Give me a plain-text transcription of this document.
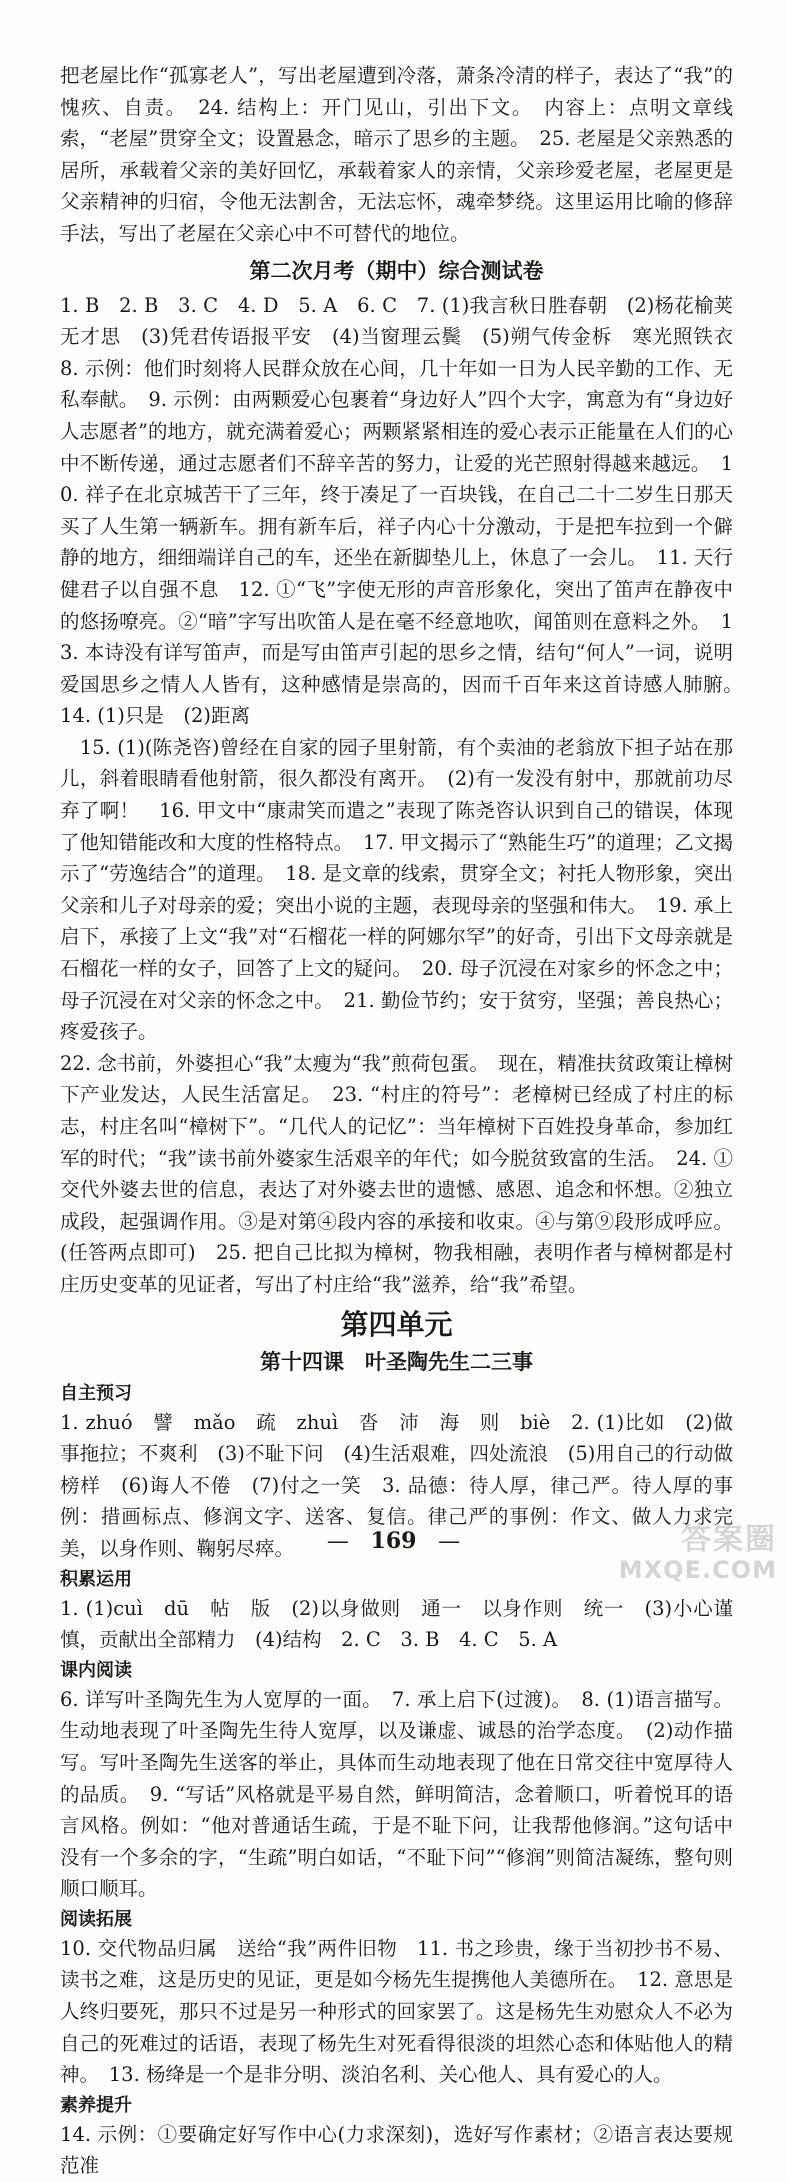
把老屋比作“孤寡老人”，写出老屋遭到冷落，萧条冷清的样子，表达了“我”的愧疚、自责。　24. 结构上：开门见山，引出下文。　内容上：点明文章线索，“老屋”贯穿全文；设置悬念，暗示了思乡的主题。　25. 老屋是父亲熟悉的居所，承载着父亲的美好回忆，承载着家人的亲情，父亲珍爱老屋，老屋更是父亲精神的归宿，令他无法割舍，无法忘怀，魂牵梦绕。这里运用比喻的修辞手法，写出了老屋在父亲心中不可替代的地位。

第二次月考（期中）综合测试卷

1. B　2. B　3. C　4. D　5. A　6. C　7. (1)我言秋日胜春朝　(2)杨花榆荚无才思　(3)凭君传语报平安　(4)当窗理云鬓　(5)朔气传金柝　寒光照铁衣　8. 示例：他们时刻将人民群众放在心间，几十年如一日为人民辛勤的工作、无私奉献。　9. 示例：由两颗爱心包裹着“身边好人”四个大字，寓意为有“身边好人志愿者”的地方，就充满着爱心；两颗紧紧相连的爱心表示正能量在人们的心中不断传递，通过志愿者们不辞辛苦的努力，让爱的光芒照射得越来越远。　10. 祥子在北京城苦干了三年，终于凑足了一百块钱，在自己二十二岁生日那天买了人生第一辆新车。拥有新车后，祥子内心十分激动，于是把车拉到一个僻静的地方，细细端详自己的车，还坐在新脚垫儿上，休息了一会儿。　11. 天行健君子以自强不息　12. ①“飞”字使无形的声音形象化，突出了笛声在静夜中的悠扬嘹亮。②“暗”字写出吹笛人是在毫不经意地吹，闻笛则在意料之外。　13. 本诗没有详写笛声，而是写由笛声引起的思乡之情，结句“何人”一词，说明爱国思乡之情人人皆有，这种感情是崇高的，因而千百年来这首诗感人肺腑。　14. (1)只是　(2)距离

　15. (1)(陈尧咨)曾经在自家的园子里射箭，有个卖油的老翁放下担子站在那儿，斜着眼睛看他射箭，很久都没有离开。　(2)有一发没有射中，那就前功尽弃了啊！　16. 甲文中“康肃笑而遣之”表现了陈尧咨认识到自己的错误，体现了他知错能改和大度的性格特点。　17. 甲文揭示了“熟能生巧”的道理；乙文揭示了“劳逸结合”的道理。　18. 是文章的线索，贯穿全文；衬托人物形象，突出父亲和儿子对母亲的爱；突出小说的主题，表现母亲的坚强和伟大。　19. 承上启下，承接了上文“我”对“石榴花一样的阿娜尔罕”的好奇，引出下文母亲就是石榴花一样的女子，回答了上文的疑问。　20. 母子沉浸在对家乡的怀念之中；母子沉浸在对父亲的怀念之中。　21. 勤俭节约；安于贫穷，坚强；善良热心；疼爱孩子。

22. 念书前，外婆担心“我”太瘦为“我”煎荷包蛋。　现在，精准扶贫政策让樟树下产业发达，人民生活富足。　23. “村庄的符号”：老樟树已经成了村庄的标志，村庄名叫“樟树下”。“几代人的记忆”：当年樟树下百姓投身革命，参加红军的时代；“我”读书前外婆家生活艰辛的年代；如今脱贫致富的生活。　24. ①交代外婆去世的信息，表达了对外婆去世的遗憾、感恩、追念和怀想。②独立成段，起强调作用。③是对第④段内容的承接和收束。④与第⑨段形成呼应。(任答两点即可)　25. 把自己比拟为樟树，物我相融，表明作者与樟树都是村庄历史变革的见证者，写出了村庄给“我”滋养，给“我”希望。

第四单元
第十四课　叶圣陶先生二三事
自主预习

1. zhuó　譬　mǎo　疏　zhuì　沓　沛　海　则　biè　2. (1)比如　(2)做事拖拉；不爽利　(3)不耻下问　(4)生活艰难，四处流浪　(5)用自己的行动做榜样　(6)诲人不倦　(7)付之一笑　3. 品德：待人厚，律己严。待人厚的事例：措画标点、修润文字、送客、复信。律己严的事例：作文、做人力求完美，以身作则、鞠躬尽瘁。

积累运用

1. (1)cuì　dū　帖　版　(2)以身做则　通一　以身作则　统一　(3)小心谨慎，贡献出全部精力　(4)结构　2. C　3. B　4. C　5. A

课内阅读

6. 详写叶圣陶先生为人宽厚的一面。　7. 承上启下(过渡)。　8. (1)语言描写。生动地表现了叶圣陶先生待人宽厚，以及谦虚、诚恳的治学态度。　(2)动作描写。写叶圣陶先生送客的举止，具体而生动地表现了他在日常交往中宽厚待人的品质。　9. “写话”风格就是平易自然，鲜明简洁，念着顺口，听着悦耳的语言风格。例如：“他对普通话生疏，于是不耻下问，让我帮他修润。”这句话中没有一个多余的字，“生疏”明白如话，“不耻下问”“修润”则简洁凝练，整句则顺口顺耳。

阅读拓展

10. 交代物品归属　送给“我”两件旧物　11. 书之珍贵，缘于当初抄书不易、读书之难，这是历史的见证，更是如今杨先生提携他人美德所在。　12. 意思是人终归要死，那只不过是另一种形式的回家罢了。这是杨先生劝慰众人不必为自己的死难过的话语，表现了杨先生对死看得很淡的坦然心态和体贴他人的精神。　13. 杨绛是一个是非分明、淡泊名利、关心他人、具有爱心的人。

素养提升

14. 示例：①要确定好写作中心(力求深刻)，选好写作素材；②语言表达要规范准

— 169 —	答案圈
MXQE.COM
